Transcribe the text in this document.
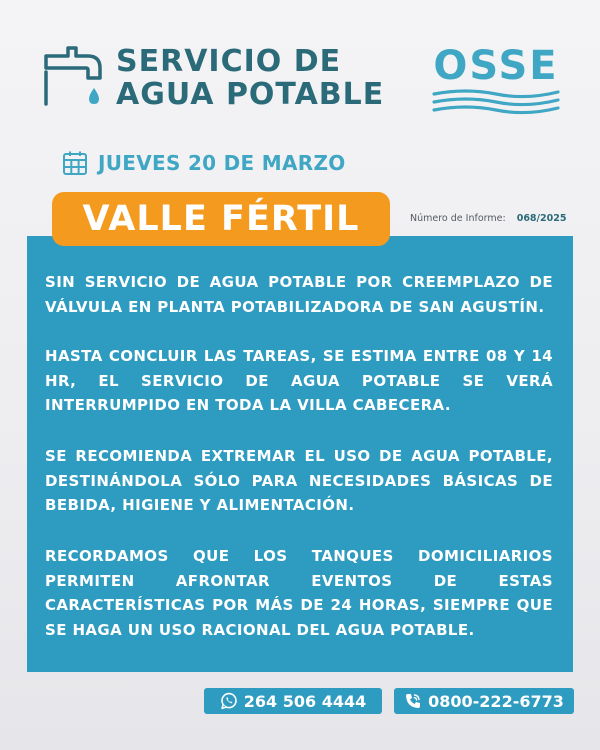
SERVICIO DE
AGUA POTABLE
OSSE
JUEVES 20 DE MARZO
VALLE FÉRTIL	Número de Informe: 068/2025

SIN SERVICIO DE AGUA POTABLE POR CREEMPLAZO DE VÁLVULA EN PLANTA POTABILIZADORA DE SAN AGUSTÍN.

HASTA CONCLUIR LAS TAREAS, SE ESTIMA ENTRE 08 Y 14 HR, EL SERVICIO DE AGUA POTABLE SE VERÁ INTERRUMPIDO EN TODA LA VILLA CABECERA.

SE RECOMIENDA EXTREMAR EL USO DE AGUA POTABLE, DESTINÁNDOLA SÓLO PARA NECESIDADES BÁSICAS DE BEBIDA, HIGIENE Y ALIMENTACIÓN.

RECORDAMOS QUE LOS TANQUES DOMICILIARIOS PERMITEN AFRONTAR EVENTOS DE ESTAS CARACTERÍSTICAS POR MÁS DE 24 HORAS, SIEMPRE QUE SE HAGA UN USO RACIONAL DEL AGUA POTABLE.

264 506 4444	0800-222-6773
